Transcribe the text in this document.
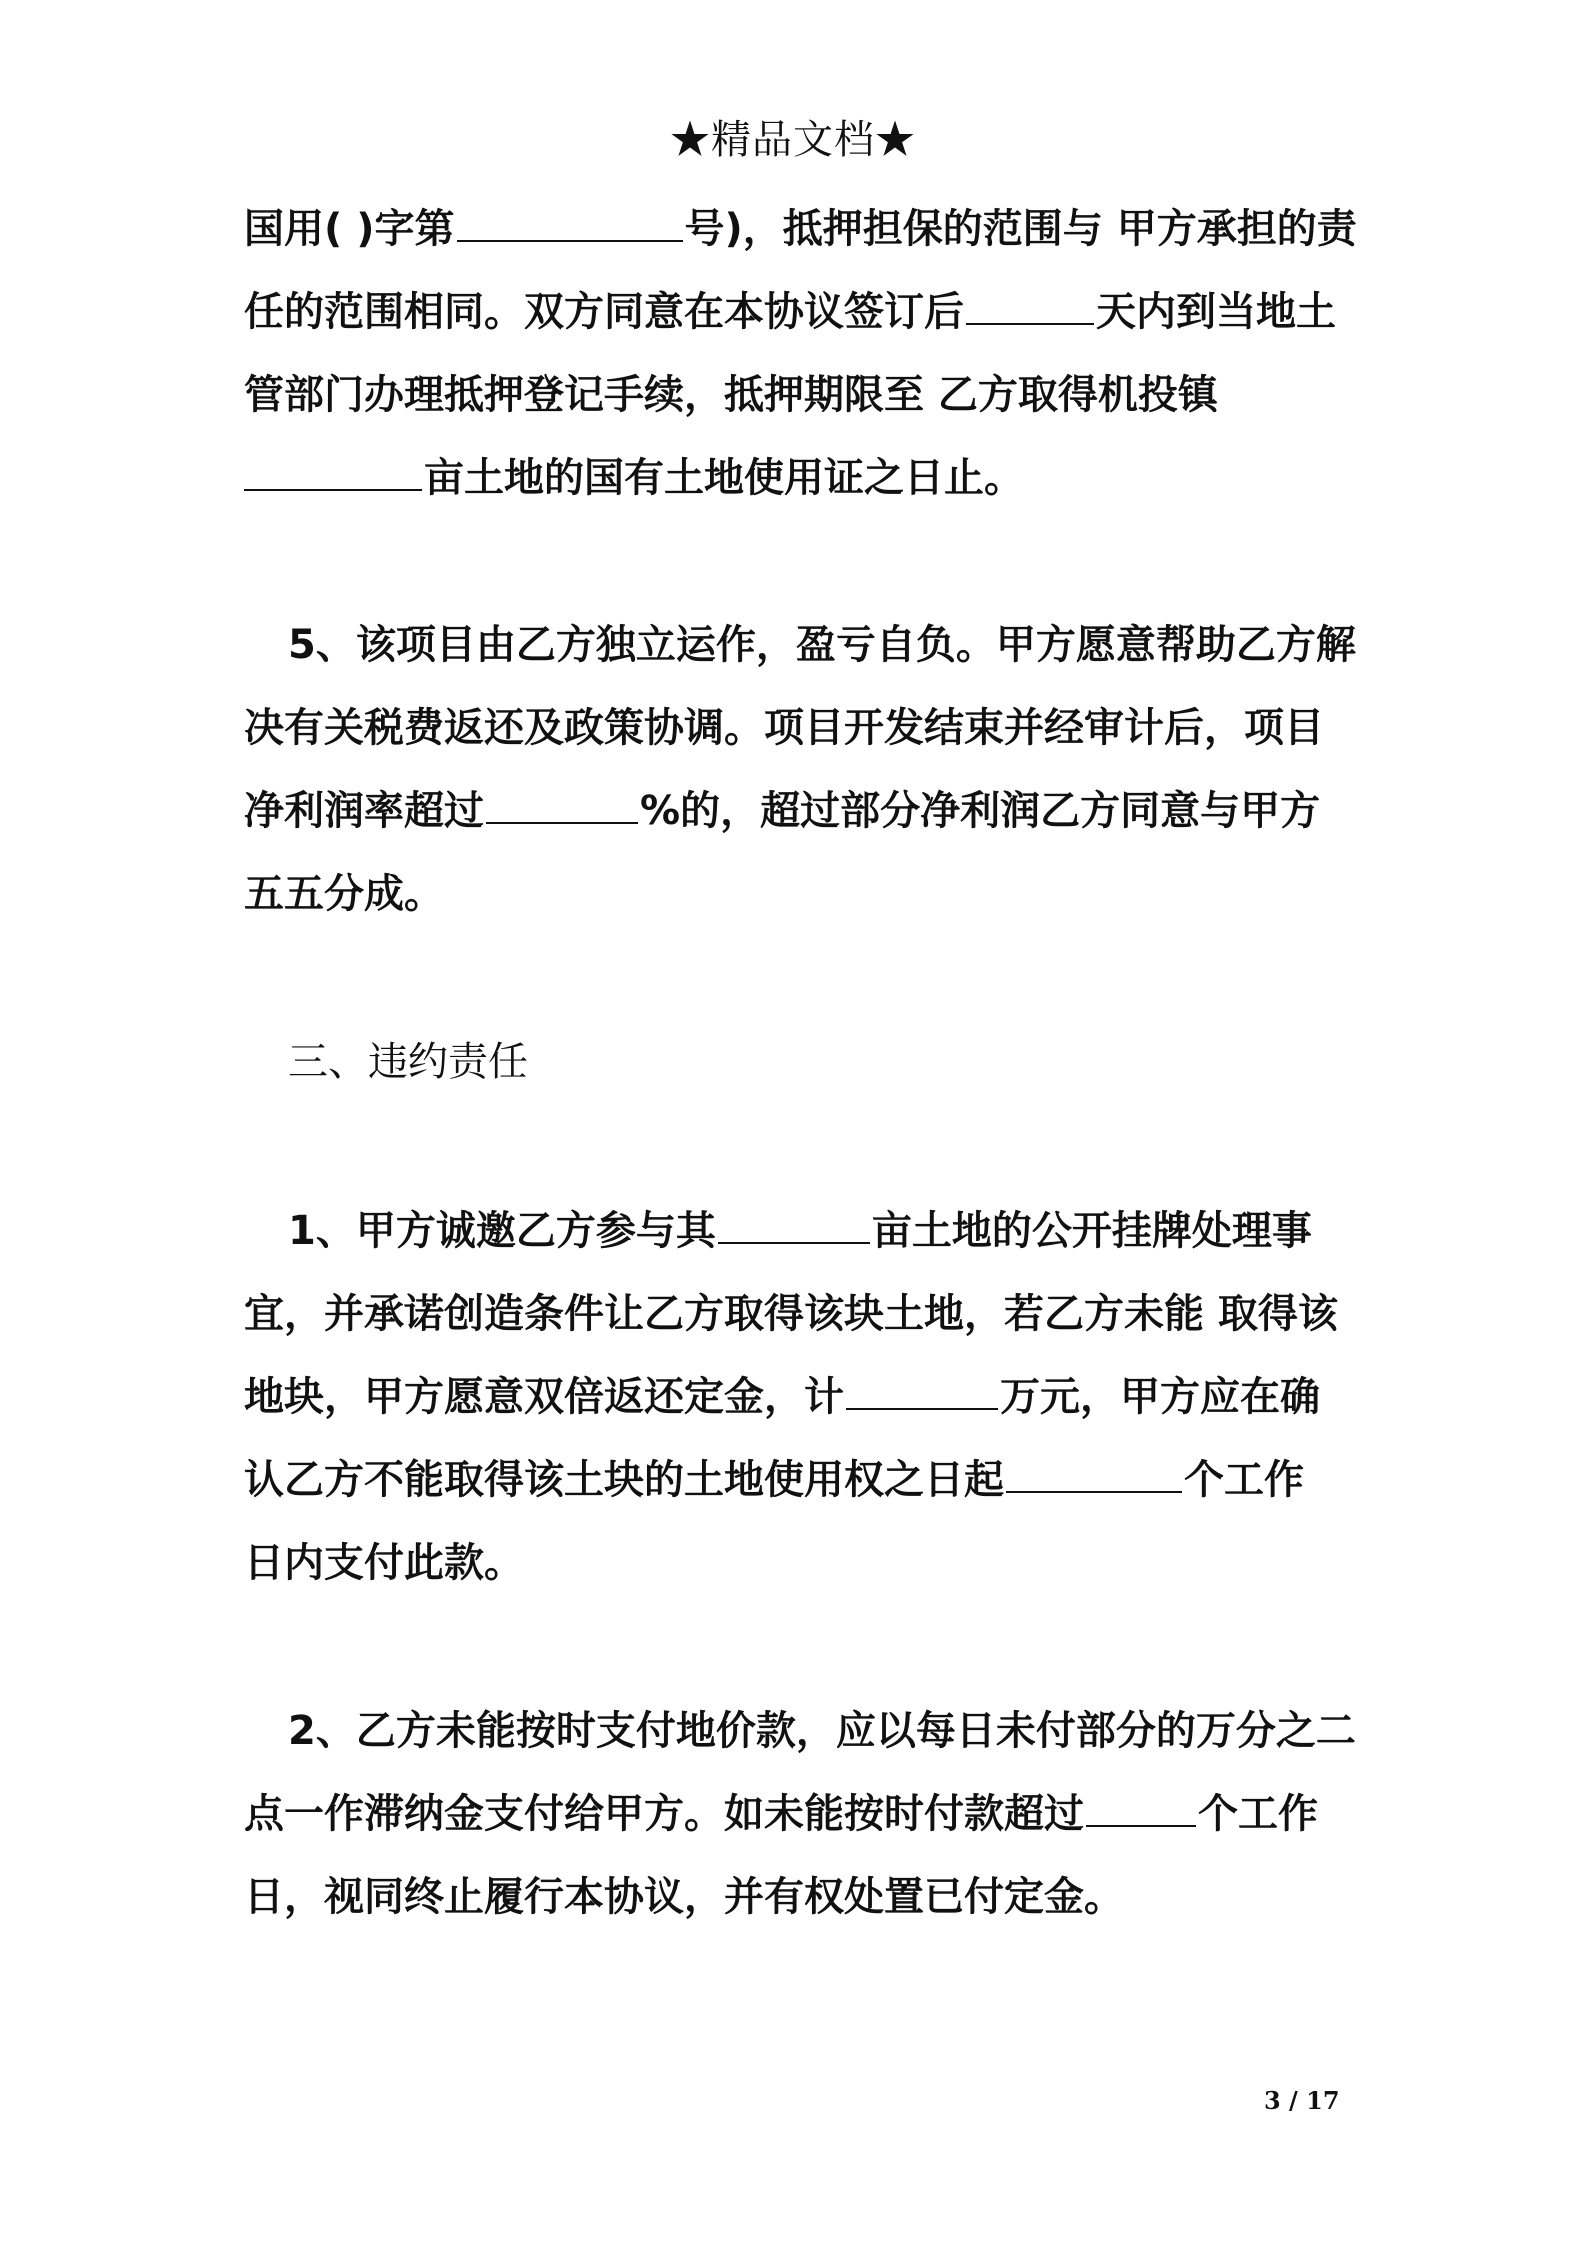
★精品文档★
国用( )字第	号)，抵押担保的范围与 甲方承担的责
任的范围相同。双方同意在本协议签订后	天内到当地土
管部门办理抵押登记手续，抵押期限至 乙方取得机投镇
亩土地的国有土地使用证之日止。
5、该项目由乙方独立运作，盈亏自负。甲方愿意帮助乙方解
决有关税费返还及政策协调。项目开发结束并经审计后，项目
净利润率超过	%的，超过部分净利润乙方同意与甲方
五五分成。
三、违约责任
1、甲方诚邀乙方参与其	亩土地的公开挂牌处理事
宜，并承诺创造条件让乙方取得该块土地，若乙方未能 取得该
地块，甲方愿意双倍返还定金，计	万元，甲方应在确
认乙方不能取得该土块的土地使用权之日起	个工作
日内支付此款。
2、乙方未能按时支付地价款，应以每日未付部分的万分之二
点一作滞纳金支付给甲方。如未能按时付款超过	个工作
日，视同终止履行本协议，并有权处置已付定金。
3 / 17
